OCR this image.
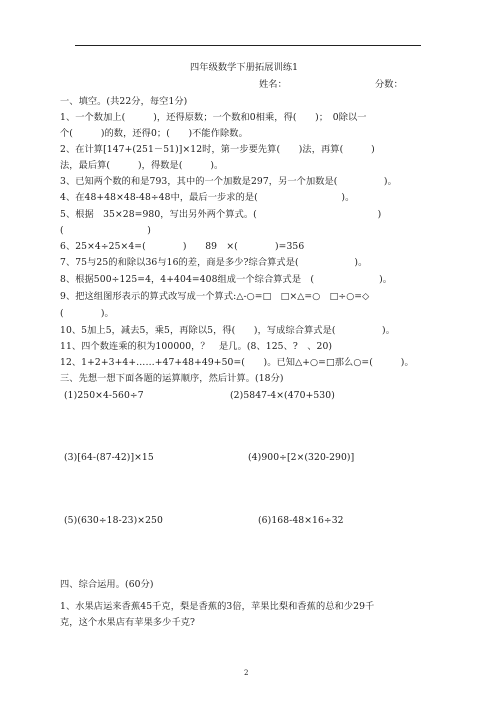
四年级数学下册拓展训练1
姓名：	分数：
一、填空。(共22分，每空1分)
1、一个数加上(　　　)，还得原数；一个数和0相乘，得(　　)；　0除以一
个(　　　)的数，还得0；(　　)不能作除数。
2、在计算[147+(251－51)]×12时，第一步要先算(　　)法，再算(　　　)
法，最后算(　　　)，得数是(　　　)。
3、已知两个数的和是793，其中的一个加数是297，另一个加数是(　　　　　)。
4、在48+48×48-48÷48中，最后一步求的是(　　　　　　　　　)。
5、根据　35×28=980，写出另外两个算式。(　　　　　　　　　　　　　)
(　　　　　　　　　)
6、25×4÷25×4=(　　　　)　　89　×(　　　　)=356
7、75与25的和除以36与16的差，商是多少?综合算式是(　　　　　　)。
8、根据500÷125=4，4+404=408组成一个综合算式是　(　　　　　　　)。
9、把这组图形表示的算式改写成一个算式:△-○=□　□×△=○　□÷○=◇
(　　　　)。
10、5加上5，减去5，乘5，再除以5，得(　　)，写成综合算式是(　　　　　)。
11、四个数连乘的积为100000，？　是几。(8、125、?　、20)
12、1+2+3+4+……+47+48+49+50=(　　)。已知△+○=□那么○=(　　　)。
三、先想一想下面各题的运算顺序，然后计算。(18分)
(1)250×4-560÷7	(2)5847-4×(470+530)
(3)[64-(87-42)]×15	(4)900÷[2×(320-290)]
(5)(630÷18-23)×250	(6)168-48×16÷32
四、综合运用。(60分)
1、水果店运来香蕉45千克，梨是香蕉的3倍，苹果比梨和香蕉的总和少29千
克，这个水果店有苹果多少千克?
2
